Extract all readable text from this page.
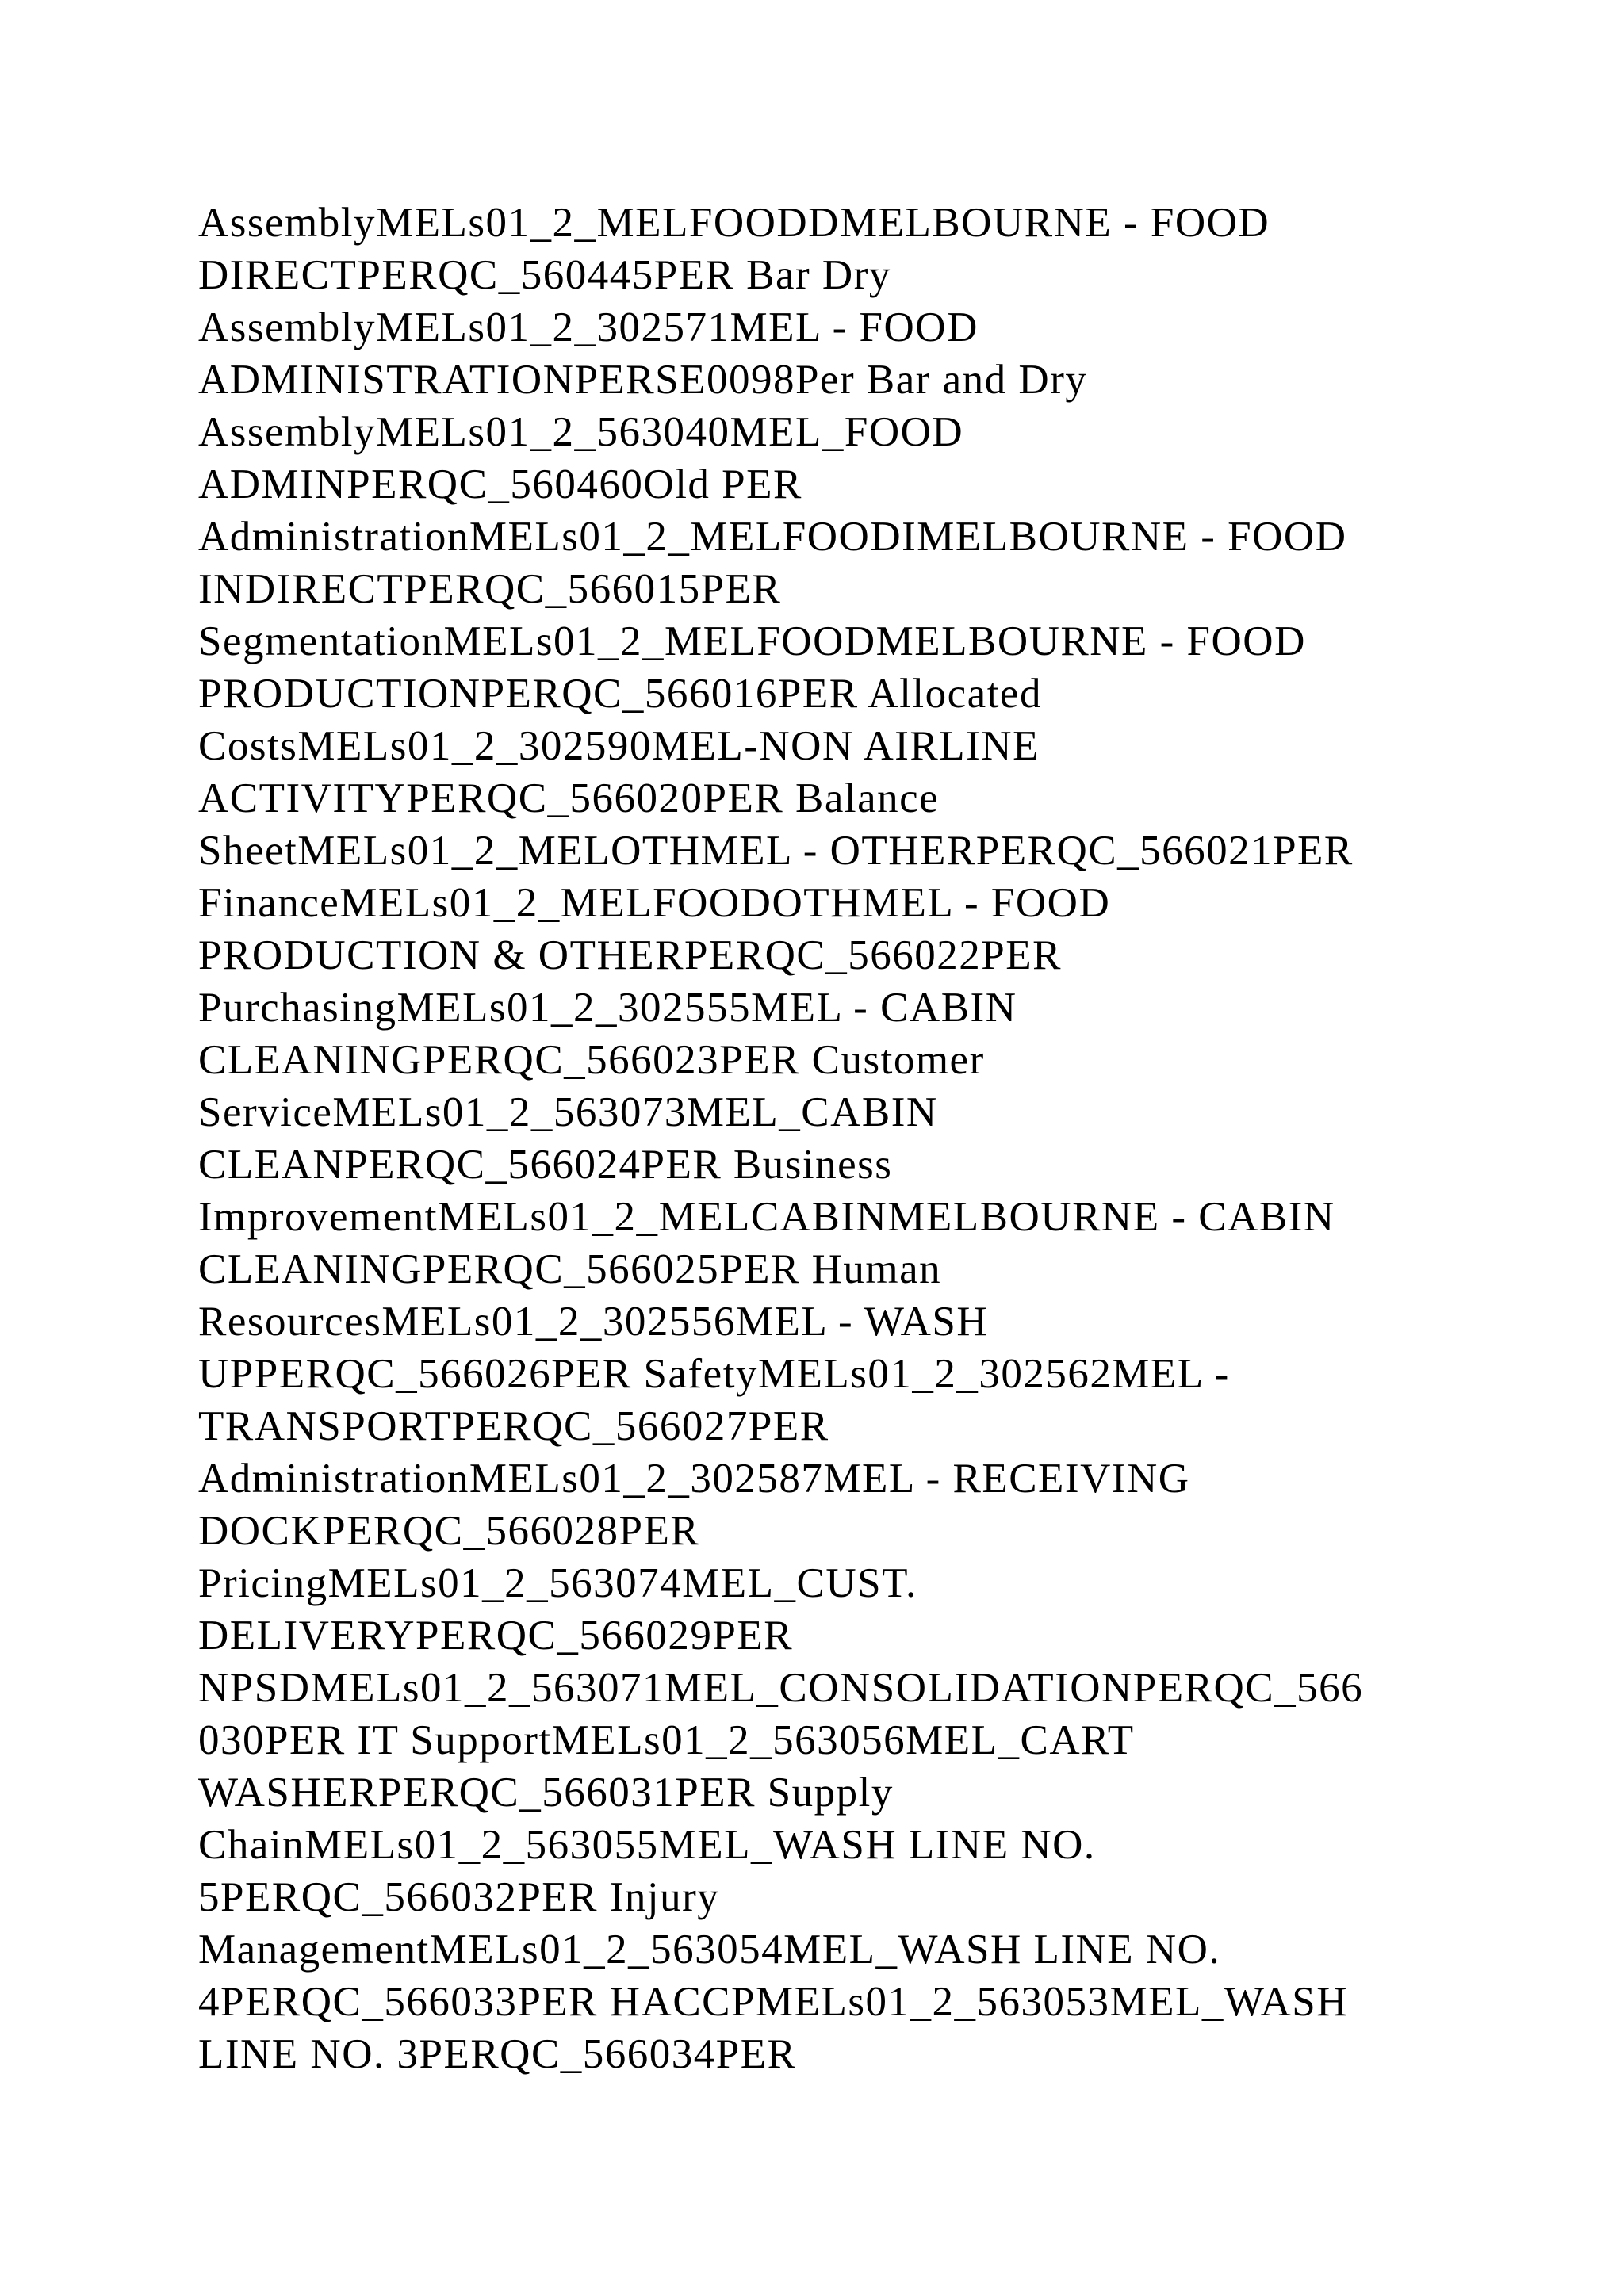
AssemblyMELs01_2_MELFOODDMELBOURNE - FOOD
DIRECTPERQC_560445PER Bar Dry
AssemblyMELs01_2_302571MEL - FOOD
ADMINISTRATIONPERSE0098Per Bar and Dry
AssemblyMELs01_2_563040MEL_FOOD
ADMINPERQC_560460Old PER
AdministrationMELs01_2_MELFOODIMELBOURNE - FOOD
INDIRECTPERQC_566015PER
SegmentationMELs01_2_MELFOODMELBOURNE - FOOD
PRODUCTIONPERQC_566016PER Allocated
CostsMELs01_2_302590MEL-NON AIRLINE
ACTIVITYPERQC_566020PER Balance
SheetMELs01_2_MELOTHMEL - OTHERPERQC_566021PER
FinanceMELs01_2_MELFOODOTHMEL - FOOD
PRODUCTION & OTHERPERQC_566022PER
PurchasingMELs01_2_302555MEL - CABIN
CLEANINGPERQC_566023PER Customer
ServiceMELs01_2_563073MEL_CABIN
CLEANPERQC_566024PER Business
ImprovementMELs01_2_MELCABINMELBOURNE - CABIN
CLEANINGPERQC_566025PER Human
ResourcesMELs01_2_302556MEL - WASH
UPPERQC_566026PER SafetyMELs01_2_302562MEL -
TRANSPORTPERQC_566027PER
AdministrationMELs01_2_302587MEL - RECEIVING
DOCKPERQC_566028PER
PricingMELs01_2_563074MEL_CUST.
DELIVERYPERQC_566029PER
NPSDMELs01_2_563071MEL_CONSOLIDATIONPERQC_566
030PER IT SupportMELs01_2_563056MEL_CART
WASHERPERQC_566031PER Supply
ChainMELs01_2_563055MEL_WASH LINE NO.
5PERQC_566032PER Injury
ManagementMELs01_2_563054MEL_WASH LINE NO.
4PERQC_566033PER HACCPMELs01_2_563053MEL_WASH
LINE NO. 3PERQC_566034PER
